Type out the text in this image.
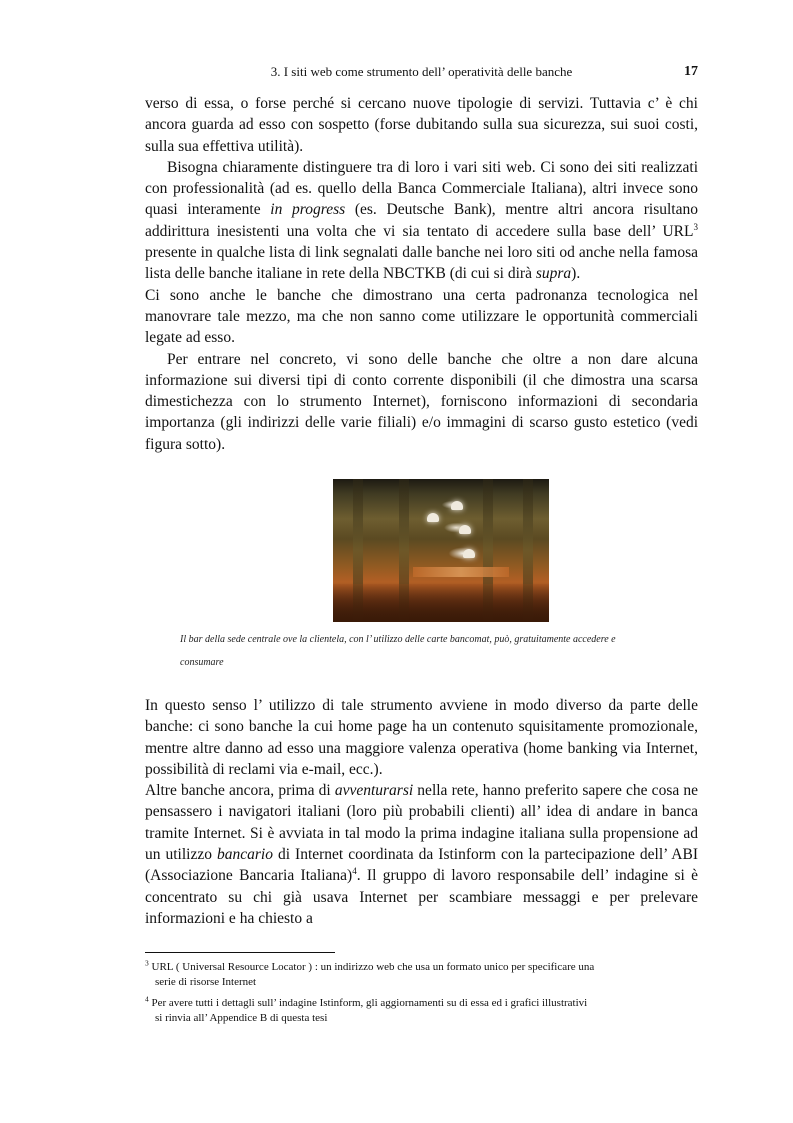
3. I siti web come strumento dell’ operatività delle banche	17

verso di essa, o forse perché si cercano nuove tipologie di servizi. Tuttavia c’ è chi ancora guarda ad esso con sospetto (forse dubitando sulla sua sicurezza, sui suoi costi, sulla sua effettiva utilità).

Bisogna chiaramente distinguere tra di loro i vari siti web. Ci sono dei siti realizzati con professionalità (ad es. quello della Banca Commerciale Italiana), altri invece sono quasi interamente in progress (es. Deutsche Bank), mentre altri ancora risultano addirittura inesistenti una volta che vi sia tentato di accedere sulla base dell’ URL$^3$ presente in qualche lista di link segnalati dalle banche nei loro siti od anche nella famosa lista delle banche italiane in rete della NBCTKB (di cui si dirà supra).

Ci sono anche le banche che dimostrano una certa padronanza tecnologica nel manovrare tale mezzo, ma che non sanno come utilizzare le opportunità commerciali legate ad esso.

Per entrare nel concreto, vi sono delle banche che oltre a non dare alcuna informazione sui diversi tipi di conto corrente disponibili (il che dimostra una scarsa dimestichezza con lo strumento Internet), forniscono informazioni di secondaria importanza (gli indirizzi delle varie filiali) e/o immagini di scarso gusto estetico (vedi figura sotto).

Il bar della sede centrale ove la clientela, con l’ utilizzo delle carte bancomat, può, gratuitamente accedere e
consumare

In questo senso l’ utilizzo di tale strumento avviene in modo diverso da parte delle banche: ci sono banche la cui home page ha un contenuto squisitamente promozionale, mentre altre danno ad esso una maggiore valenza operativa (home banking via Internet, possibilità di reclami via e-mail, ecc.).

Altre banche ancora, prima di avventurarsi nella rete, hanno preferito sapere che cosa ne pensassero i navigatori italiani (loro più probabili clienti) all’ idea di andare in banca tramite Internet. Si è avviata in tal modo la prima indagine italiana sulla propensione ad un utilizzo bancario di Internet coordinata da Istinform con la partecipazione dell’ ABI (Associazione Bancaria Italiana)$^4$. Il gruppo di lavoro responsabile dell’ indagine si è concentrato su chi già usava Internet per scambiare messaggi e per prelevare informazioni e ha chiesto a

$^3$ URL ( Universal Resource Locator ) : un indirizzo web che usa un formato unico per specificare una
serie di risorse Internet
$^4$ Per avere tutti i dettagli sull’ indagine Istinform, gli aggiornamenti su di essa ed i grafici illustrativi
si rinvia all’ Appendice B di questa tesi
